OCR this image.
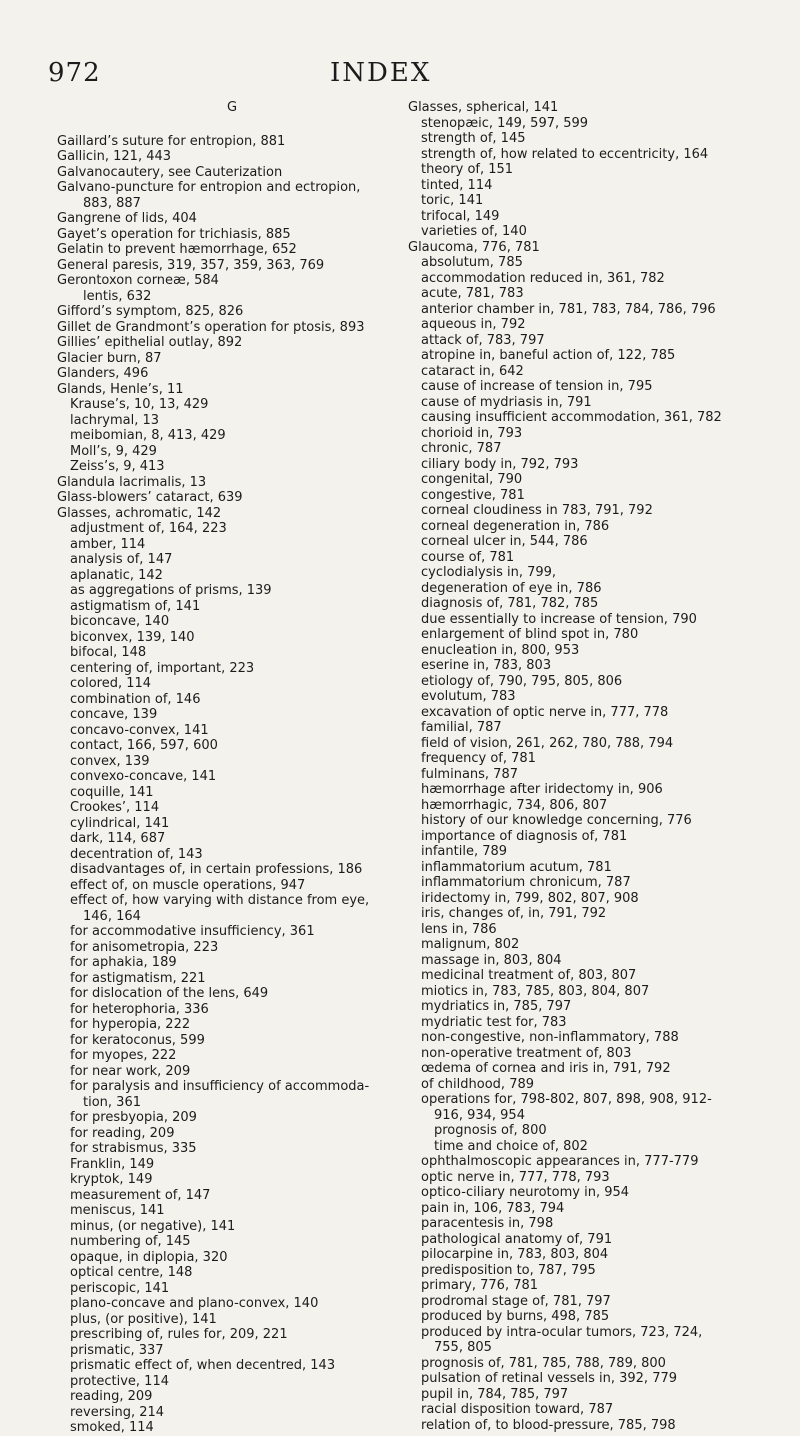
972	INDEX
G
Gaillard’s suture for entropion, 881
Gallicin, 121, 443
Galvanocautery, see Cauterization
Galvano-puncture for entropion and ectropion,
883, 887
Gangrene of lids, 404
Gayet’s operation for trichiasis, 885
Gelatin to prevent hæmorrhage, 652
General paresis, 319, 357, 359, 363, 769
Gerontoxon corneæ, 584
lentis, 632
Gifford’s symptom, 825, 826
Gillet de Grandmont’s operation for ptosis, 893
Gillies’ epithelial outlay, 892
Glacier burn, 87
Glanders, 496
Glands, Henle’s, 11
Krause’s, 10, 13, 429
lachrymal, 13
meibomian, 8, 413, 429
Moll’s, 9, 429
Zeiss’s, 9, 413
Glandula lacrimalis, 13
Glass-blowers’ cataract, 639
Glasses, achromatic, 142
adjustment of, 164, 223
amber, 114
analysis of, 147
aplanatic, 142
as aggregations of prisms, 139
astigmatism of, 141
biconcave, 140
biconvex, 139, 140
bifocal, 148
centering of, important, 223
colored, 114
combination of, 146
concave, 139
concavo-convex, 141
contact, 166, 597, 600
convex, 139
convexo-concave, 141
coquille, 141
Crookes’, 114
cylindrical, 141
dark, 114, 687
decentration of, 143
disadvantages of, in certain professions, 186
effect of, on muscle operations, 947
effect of, how varying with distance from eye,
146, 164
for accommodative insufficiency, 361
for anisometropia, 223
for aphakia, 189
for astigmatism, 221
for dislocation of the lens, 649
for heterophoria, 336
for hyperopia, 222
for keratoconus, 599
for myopes, 222
for near work, 209
for paralysis and insufficiency of accommoda-
tion, 361
for presbyopia, 209
for reading, 209
for strabismus, 335
Franklin, 149
kryptok, 149
measurement of, 147
meniscus, 141
minus, (or negative), 141
numbering of, 145
opaque, in diplopia, 320
optical centre, 148
periscopic, 141
plano-concave and plano-convex, 140
plus, (or positive), 141
prescribing of, rules for, 209, 221
prismatic, 337
prismatic effect of, when decentred, 143
protective, 114
reading, 209
reversing, 214
smoked, 114
Glasses, spherical, 141
stenopæic, 149, 597, 599
strength of, 145
strength of, how related to eccentricity, 164
theory of, 151
tinted, 114
toric, 141
trifocal, 149
varieties of, 140
Glaucoma, 776, 781
absolutum, 785
accommodation reduced in, 361, 782
acute, 781, 783
anterior chamber in, 781, 783, 784, 786, 796
aqueous in, 792
attack of, 783, 797
atropine in, baneful action of, 122, 785
cataract in, 642
cause of increase of tension in, 795
cause of mydriasis in, 791
causing insufficient accommodation, 361, 782
chorioid in, 793
chronic, 787
ciliary body in, 792, 793
congenital, 790
congestive, 781
corneal cloudiness in 783, 791, 792
corneal degeneration in, 786
corneal ulcer in, 544, 786
course of, 781
cyclodialysis in, 799,
degeneration of eye in, 786
diagnosis of, 781, 782, 785
due essentially to increase of tension, 790
enlargement of blind spot in, 780
enucleation in, 800, 953
eserine in, 783, 803
etiology of, 790, 795, 805, 806
evolutum, 783
excavation of optic nerve in, 777, 778
familial, 787
field of vision, 261, 262, 780, 788, 794
frequency of, 781
fulminans, 787
hæmorrhage after iridectomy in, 906
hæmorrhagic, 734, 806, 807
history of our knowledge concerning, 776
importance of diagnosis of, 781
infantile, 789
inflammatorium acutum, 781
inflammatorium chronicum, 787
iridectomy in, 799, 802, 807, 908
iris, changes of, in, 791, 792
lens in, 786
malignum, 802
massage in, 803, 804
medicinal treatment of, 803, 807
miotics in, 783, 785, 803, 804, 807
mydriatics in, 785, 797
mydriatic test for, 783
non-congestive, non-inflammatory, 788
non-operative treatment of, 803
œdema of cornea and iris in, 791, 792
of childhood, 789
operations for, 798-802, 807, 898, 908, 912-
916, 934, 954
prognosis of, 800
time and choice of, 802
ophthalmoscopic appearances in, 777-779
optic nerve in, 777, 778, 793
optico-ciliary neurotomy in, 954
pain in, 106, 783, 794
paracentesis in, 798
pathological anatomy of, 791
pilocarpine in, 783, 803, 804
predisposition to, 787, 795
primary, 776, 781
prodromal stage of, 781, 797
produced by burns, 498, 785
produced by intra-ocular tumors, 723, 724,
755, 805
prognosis of, 781, 785, 788, 789, 800
pulsation of retinal vessels in, 392, 779
pupil in, 784, 785, 797
racial disposition toward, 787
relation of, to blood-pressure, 785, 798
